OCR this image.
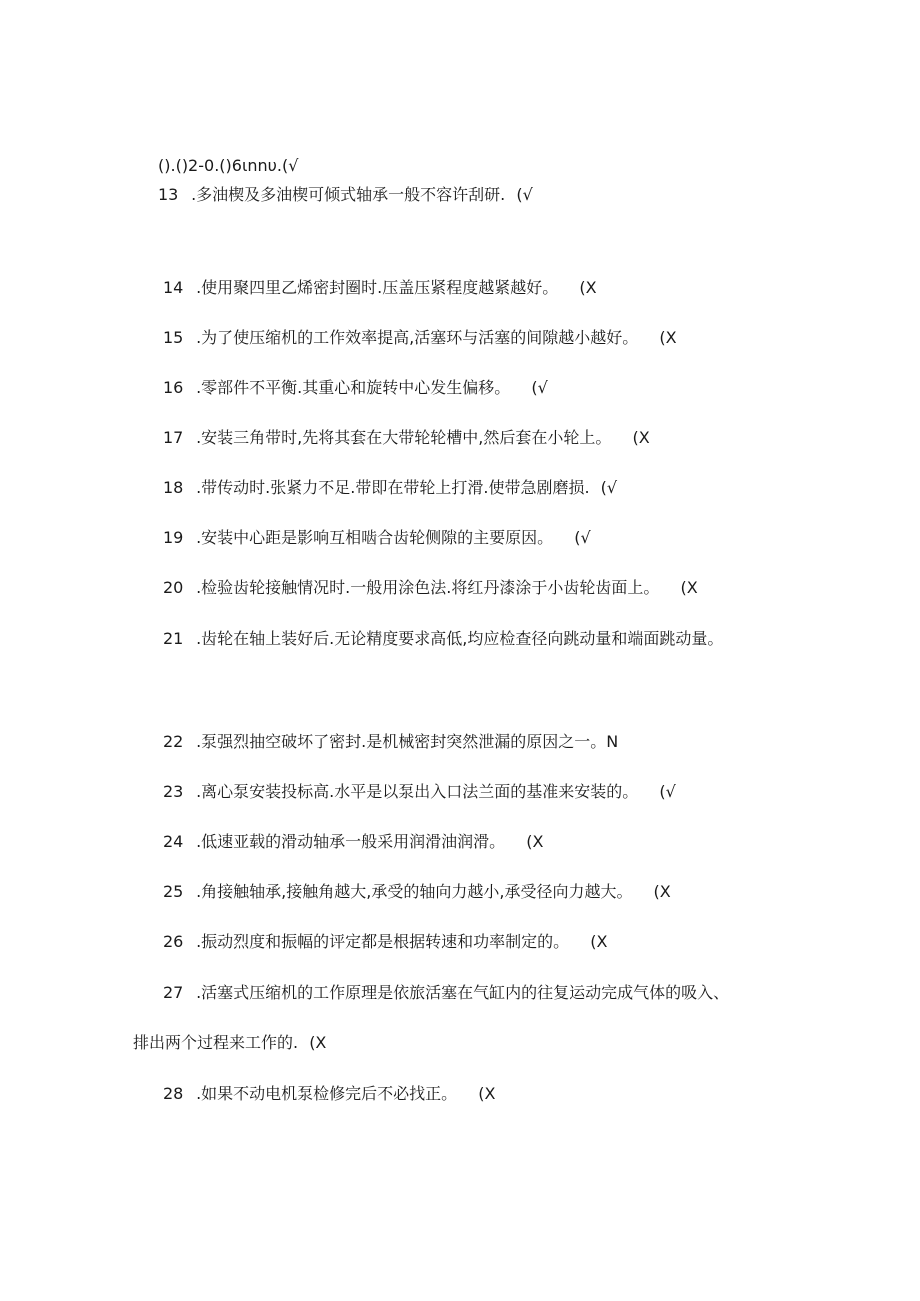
().()2-0.()6ιnnυ.(√
13 .多油楔及多油楔可倾式轴承一般不容许刮研. (√
14 .使用聚四里乙烯密封圈时.压盖压紧程度越紧越好。 (X
15 .为了使压缩机的工作效率提高,活塞环与活塞的间隙越小越好。 (X
16 .零部件不平衡.其重心和旋转中心发生偏移。 (√
17 .安装三角带时,先将其套在大带轮轮槽中,然后套在小轮上。 (X
18 .带传动时.张紧力不足.带即在带轮上打滑.使带急剧磨损. (√
19 .安装中心距是影响互相啮合齿轮侧隙的主要原因。 (√
20 .检验齿轮接触情况时.一般用涂色法.将红丹漆涂于小齿轮齿面上。 (X
21 .齿轮在轴上装好后.无论精度要求高低,均应检查径向跳动量和端面跳动量。
22 .泵强烈抽空破坏了密封.是机械密封突然泄漏的原因之一。N
23 .离心泵安装投标高.水平是以泵出入口法兰面的基准来安装的。 (√
24 .低速亚载的滑动轴承一般采用润滑油润滑。 (X
25 .角接触轴承,接触角越大,承受的轴向力越小,承受径向力越大。 (X
26 .振动烈度和振幅的评定都是根据转速和功率制定的。 (X
27 .活塞式压缩机的工作原理是依旅活塞在气缸内的往复运动完成气体的吸入、
排出两个过程来工作的. (X
28 .如果不动电机泵检修完后不必找正。 (X
